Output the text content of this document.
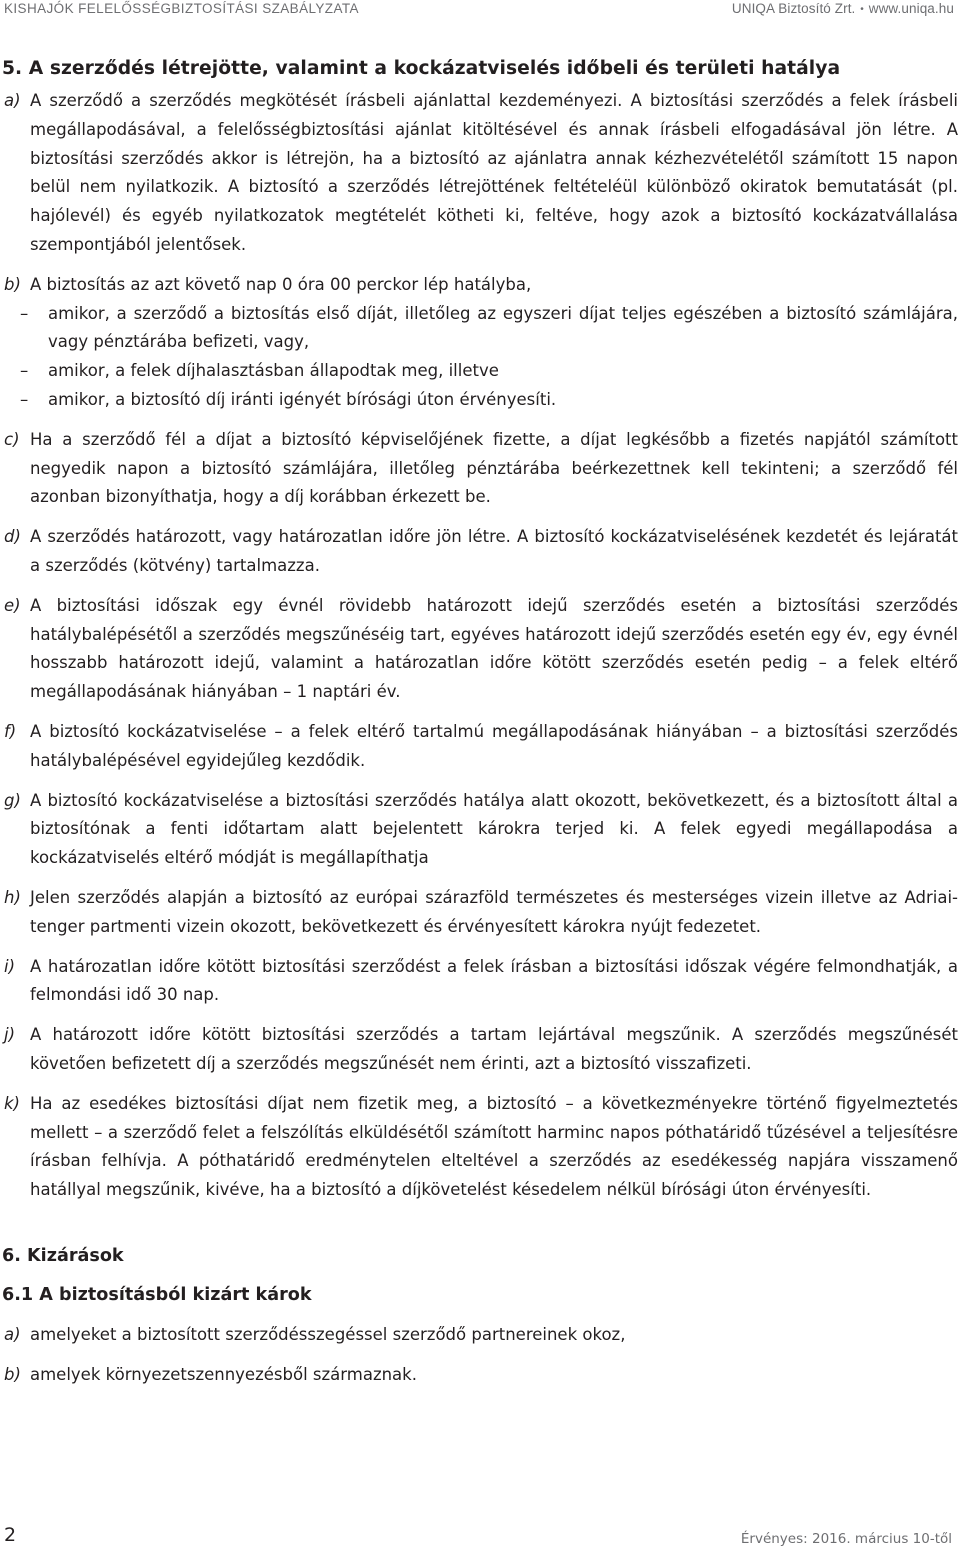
KISHAJÓK FELELŐSSÉGBIZTOSÍTÁSI SZABÁLYZATA	UNIQA Biztosító Zrt. • www.uniqa.hu
5. A szerződés létrejötte, valamint a kockázatviselés időbeli és területi hatálya
a) A szerződő a szerződés megkötését írásbeli ajánlattal kezdeményezi. A biztosítási szerződés a felek írásbeli megállapodásával, a felelősségbiztosítási ajánlat kitöltésével és annak írásbeli elfogadásával jön létre. A biztosítási szerződés akkor is létrejön, ha a biztosító az ajánlatra annak kézhezvételétől számított 15 napon belül nem nyilatkozik. A biztosító a szerződés létrejöttének feltételéül különböző okiratok bemutatását (pl. hajólevél) és egyéb nyilatkozatok megtételét kötheti ki, feltéve, hogy azok a biztosító kockázatvállalása szempontjából jelentősek.
b) A biztosítás az azt követő nap 0 óra 00 perckor lép hatályba,
– amikor, a szerződő a biztosítás első díját, illetőleg az egyszeri díjat teljes egészében a biztosító számlájára, vagy pénztárába befizeti, vagy,
– amikor, a felek díjhalasztásban állapodtak meg, illetve
– amikor, a biztosító díj iránti igényét bírósági úton érvényesíti.
c) Ha a szerződő fél a díjat a biztosító képviselőjének fizette, a díjat legkésőbb a fizetés napjától számított negyedik napon a biztosító számlájára, illetőleg pénztárába beérkezettnek kell tekinteni; a szerződő fél azonban bizonyíthatja, hogy a díj korábban érkezett be.
d) A szerződés határozott, vagy határozatlan időre jön létre. A biztosító kockázatviselésének kezdetét és lejáratát a szerződés (kötvény) tartalmazza.
e) A biztosítási időszak egy évnél rövidebb határozott idejű szerződés esetén a biztosítási szerződés hatálybalépésétől a szerződés megszűnéséig tart, egyéves határozott idejű szerződés esetén egy év, egy évnél hosszabb határozott idejű, valamint a határozatlan időre kötött szerződés esetén pedig – a felek eltérő megállapodásának hiányában – 1 naptári év.
f) A biztosító kockázatviselése – a felek eltérő tartalmú megállapodásának hiányában – a biztosítási szerződés hatálybalépésével egyidejűleg kezdődik.
g) A biztosító kockázatviselése a biztosítási szerződés hatálya alatt okozott, bekövetkezett, és a biztosított által a biztosítónak a fenti időtartam alatt bejelentett károkra terjed ki. A felek egyedi megállapodása a kockázatviselés eltérő módját is megállapíthatja
h) Jelen szerződés alapján a biztosító az európai szárazföld természetes és mesterséges vizein illetve az Adriai-tenger partmenti vizein okozott, bekövetkezett és érvényesített károkra nyújt fedezetet.
i) A határozatlan időre kötött biztosítási szerződést a felek írásban a biztosítási időszak végére felmondhatják, a felmondási idő 30 nap.
j) A határozott időre kötött biztosítási szerződés a tartam lejártával megszűnik. A szerződés megszűnését követően befizetett díj a szerződés megszűnését nem érinti, azt a biztosító visszafizeti.
k) Ha az esedékes biztosítási díjat nem fizetik meg, a biztosító – a következményekre történő figyelmeztetés mellett – a szerződő felet a felszólítás elküldésétől számított harminc napos póthatáridő tűzésével a teljesítésre írásban felhívja. A póthatáridő eredménytelen elteltével a szerződés az esedékesség napjára visszamenő hatállyal megszűnik, kivéve, ha a biztosító a díjkövetelést késedelem nélkül bírósági úton érvényesíti.
6. Kizárások
6.1 A biztosításból kizárt károk
a) amelyeket a biztosított szerződésszegéssel szerződő partnereinek okoz,
b) amelyek környezetszennyezésből származnak.
2	Érvényes: 2016. március 10-től
